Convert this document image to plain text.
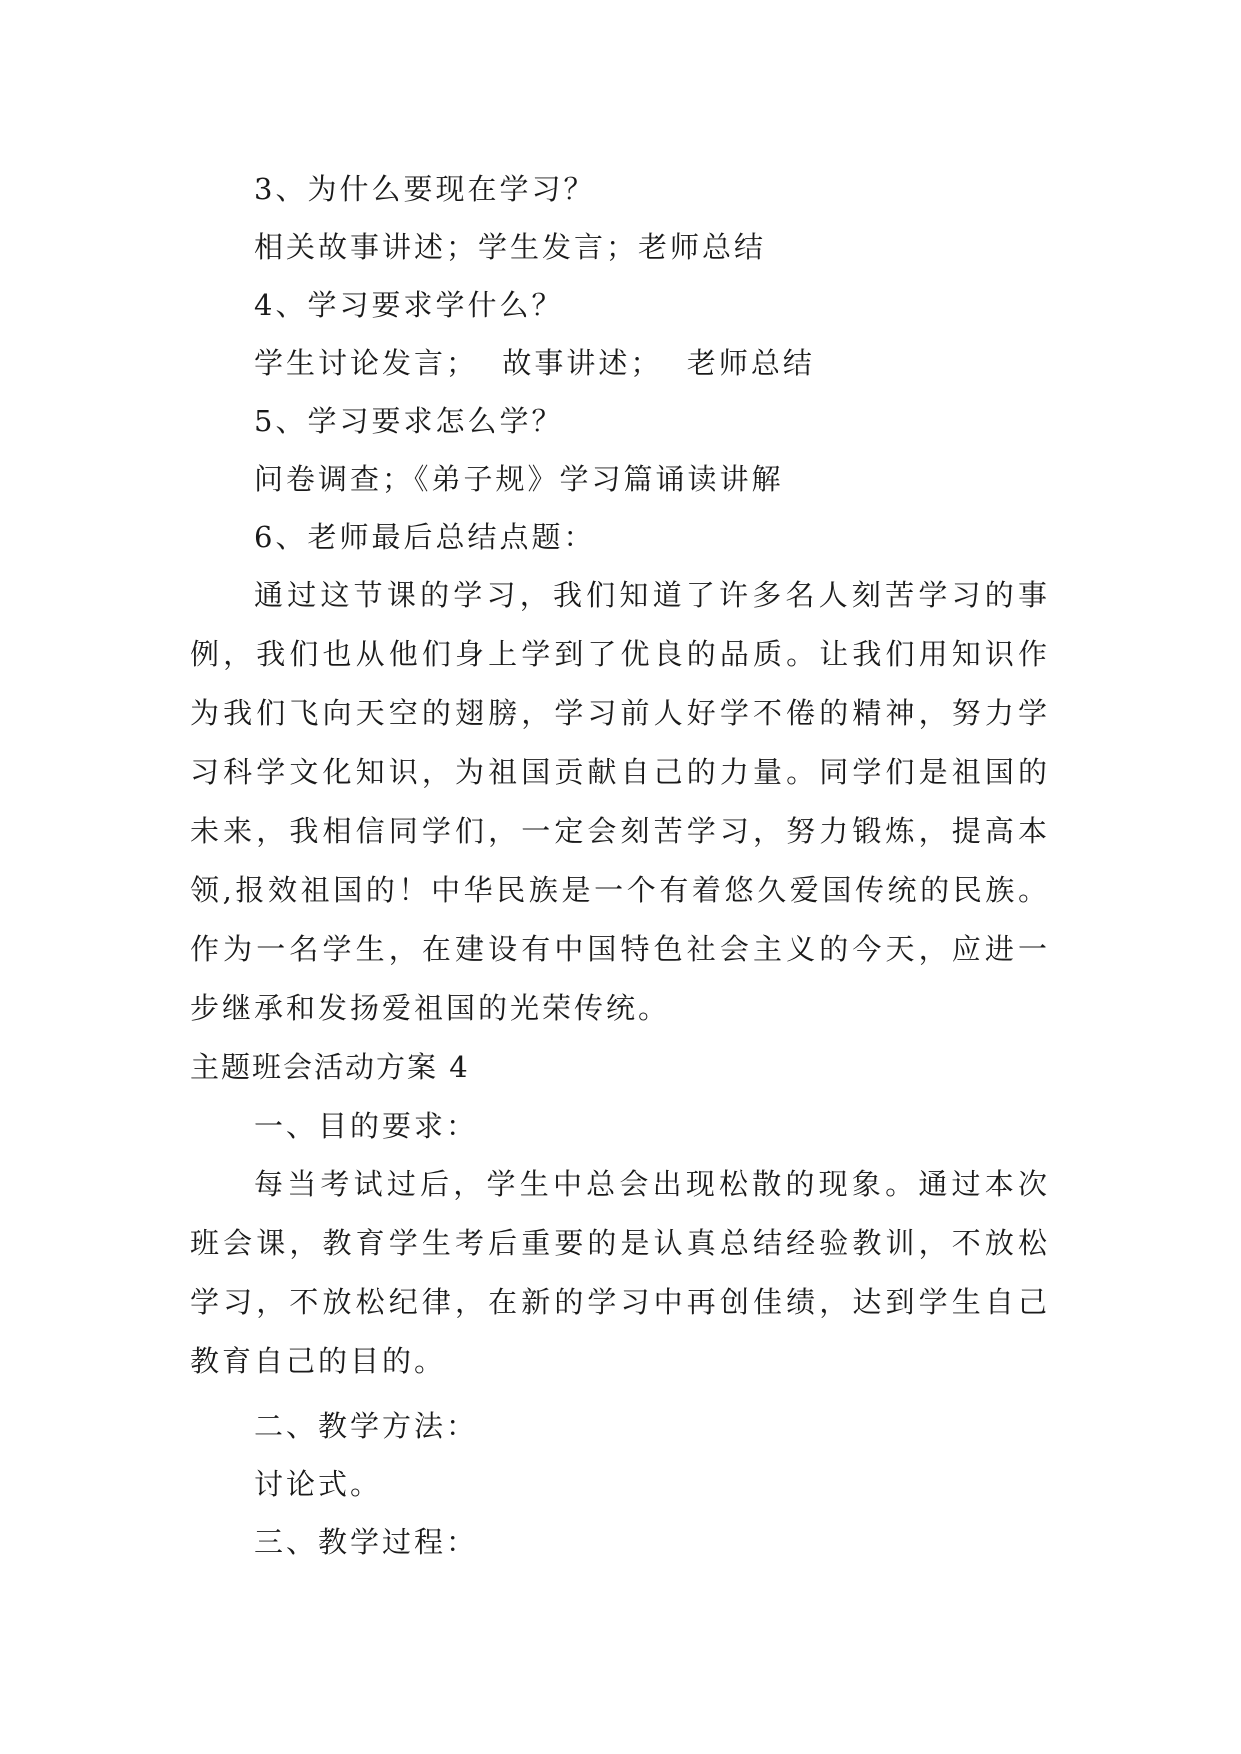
3、为什么要现在学习？
相关故事讲述；学生发言；老师总结
4、学习要求学什么？
学生讨论发言；  故事讲述；  老师总结
5、学习要求怎么学？
问卷调查；《弟子规》学习篇诵读讲解
6、老师最后总结点题：

通过这节课的学习，我们知道了许多名人刻苦学习的事例，我们也从他们身上学到了优良的品质。让我们用知识作为我们飞向天空的翅膀，学习前人好学不倦的精神，努力学习科学文化知识，为祖国贡献自己的力量。同学们是祖国的未来，我相信同学们，一定会刻苦学习，努力锻炼，提高本领,报效祖国的！中华民族是一个有着悠久爱国传统的民族。作为一名学生，在建设有中国特色社会主义的今天，应进一步继承和发扬爱祖国的光荣传统。

主题班会活动方案 4
一、目的要求：

每当考试过后，学生中总会出现松散的现象。通过本次班会课，教育学生考后重要的是认真总结经验教训，不放松学习，不放松纪律，在新的学习中再创佳绩，达到学生自己教育自己的目的。

二、教学方法：
讨论式。
三、教学过程：
